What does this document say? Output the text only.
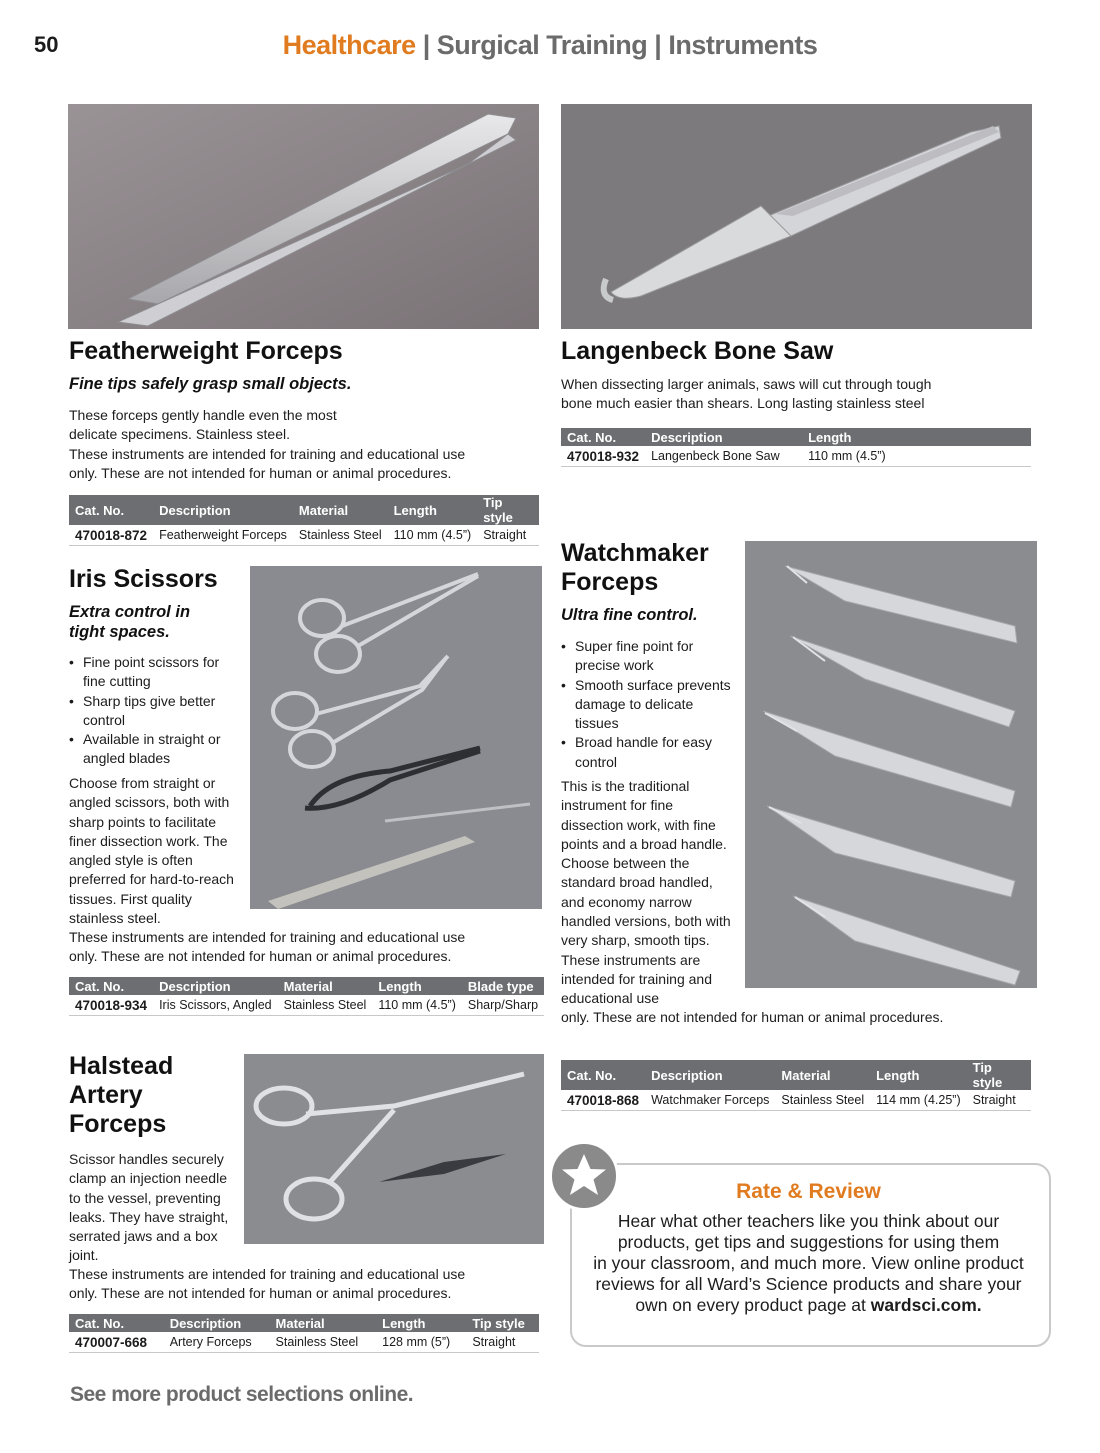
50	Healthcare | Surgical Training | Instruments
Featherweight Forceps
Fine tips safely grasp small objects.
These forceps gently handle even the most delicate specimens. Stainless steel.
These instruments are intended for training and educational use only. These are not intended for human or animal procedures.
Cat. No.	Description	Material	Length	Tip style
470018-872	Featherweight Forceps	Stainless Steel	110 mm (4.5”)	Straight
Langenbeck Bone Saw
When dissecting larger animals, saws will cut through tough bone much easier than shears. Long lasting stainless steel
Cat. No.	Description	Length
470018-932	Langenbeck Bone Saw	110 mm (4.5”)
Iris Scissors
Extra control in tight spaces.
• Fine point scissors for fine cutting
• Sharp tips give better control
• Available in straight or angled blades
Choose from straight or angled scissors, both with sharp points to facilitate finer dissection work. The angled style is often preferred for hard-to-reach tissues. First quality stainless steel.
These instruments are intended for training and educational use only. These are not intended for human or animal procedures.
Cat. No.	Description	Material	Length	Blade type
470018-934	Iris Scissors, Angled	Stainless Steel	110 mm (4.5”)	Sharp/Sharp
Watchmaker
Forceps
Ultra fine control.
• Super fine point for precise work
• Smooth surface prevents damage to delicate tissues
• Broad handle for easy control
This is the traditional instrument for fine dissection work, with fine points and a broad handle. Choose between the standard broad handled, and economy narrow handled versions, both with very sharp, smooth tips. These instruments are intended for training and educational use
only. These are not intended for human or animal procedures.
Cat. No.	Description	Material	Length	Tip style
470018-868	Watchmaker Forceps	Stainless Steel	114 mm (4.25”)	Straight
Halstead
Artery
Forceps
Scissor handles securely clamp an injection needle to the vessel, preventing leaks. They have straight, serrated jaws and a box joint.
These instruments are intended for training and educational use only. These are not intended for human or animal procedures.
Cat. No.	Description	Material	Length	Tip style
470007-668	Artery Forceps	Stainless Steel	128 mm (5”)	Straight
Rate & Review
Hear what other teachers like you think about our
products, get tips and suggestions for using them
in your classroom, and much more. View online product
reviews for all Ward’s Science products and share your
own on every product page at wardsci.com.
See more product selections online.
